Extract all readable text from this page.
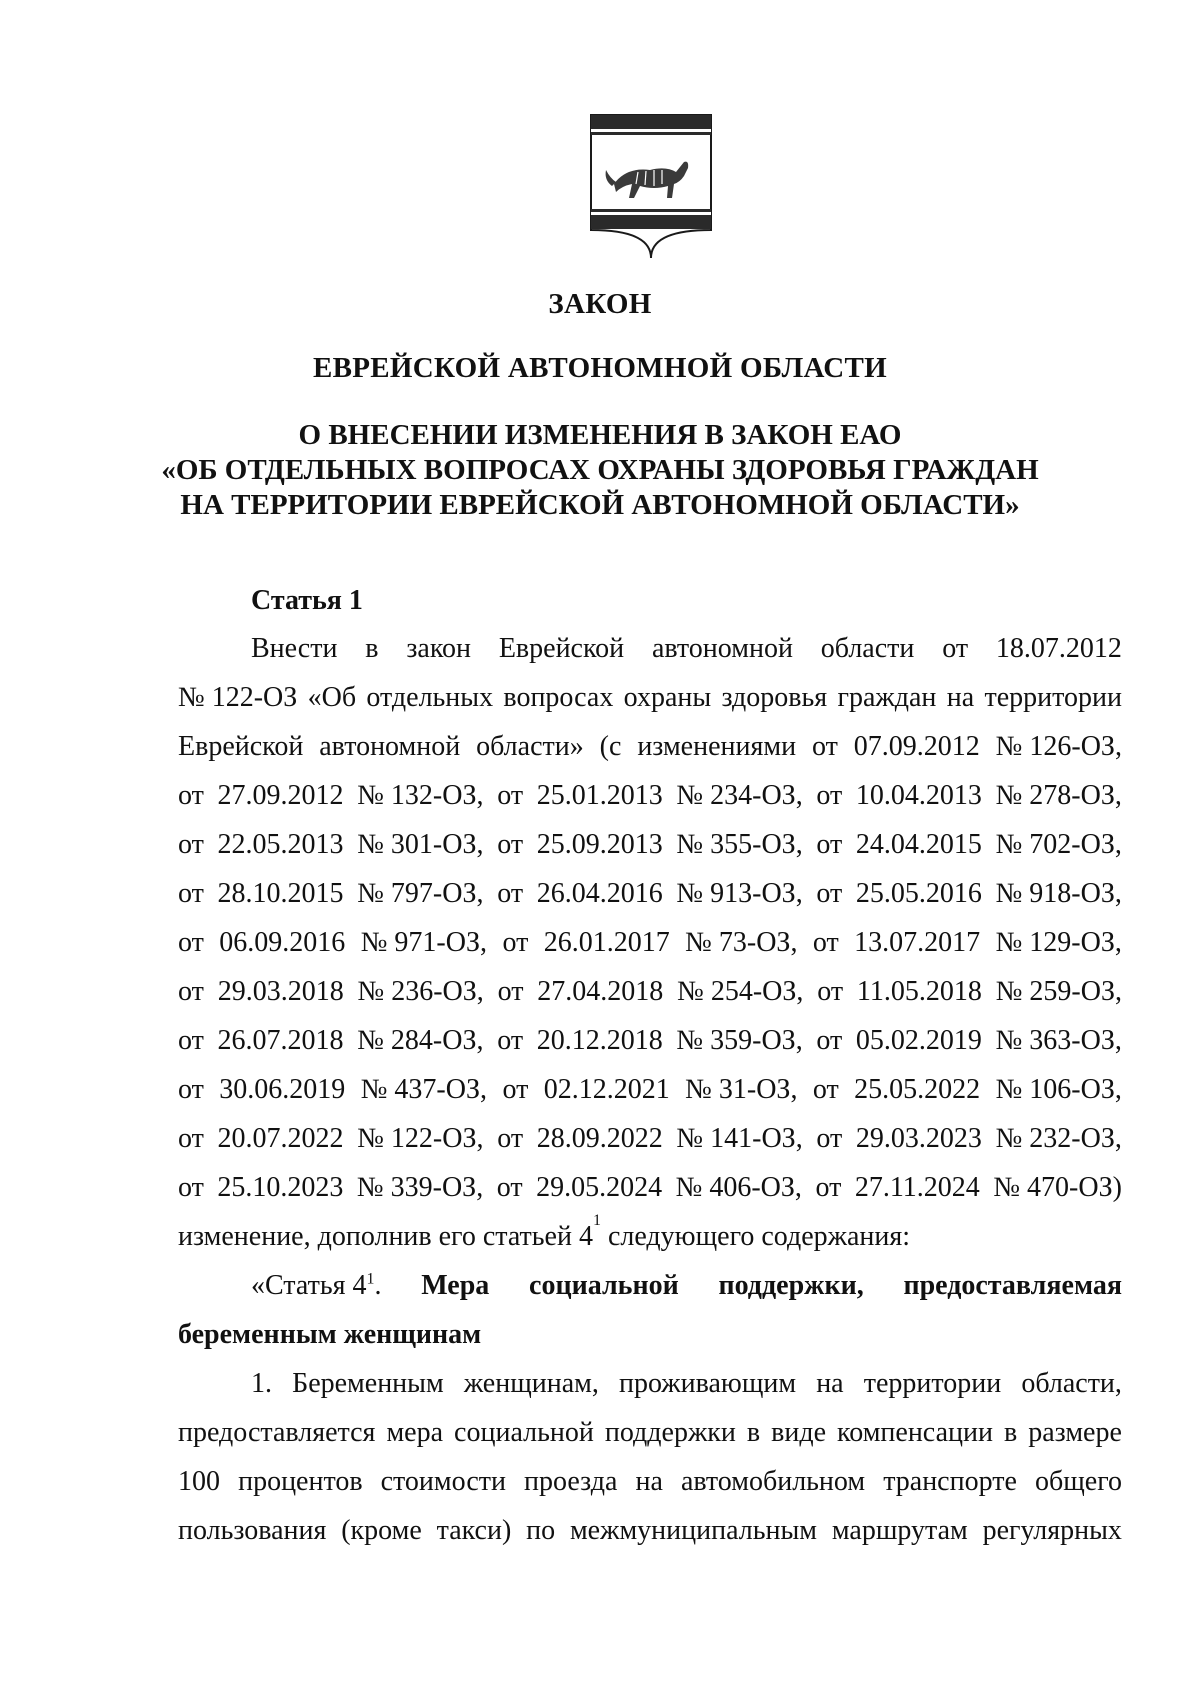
ЗАКОН
ЕВРЕЙСКОЙ АВТОНОМНОЙ ОБЛАСТИ
О ВНЕСЕНИИ ИЗМЕНЕНИЯ В ЗАКОН ЕАО
«ОБ ОТДЕЛЬНЫХ ВОПРОСАХ ОХРАНЫ ЗДОРОВЬЯ ГРАЖДАН
НА ТЕРРИТОРИИ ЕВРЕЙСКОЙ АВТОНОМНОЙ ОБЛАСТИ»
Статья 1
Внести в закон Еврейской автономной области от 18.07.2012
№ 122-ОЗ «Об отдельных вопросах охраны здоровья граждан на территории
Еврейской автономной области» (с изменениями от 07.09.2012 № 126-ОЗ,
от 27.09.2012 № 132-ОЗ, от 25.01.2013 № 234-ОЗ, от 10.04.2013 № 278-ОЗ,
от 22.05.2013 № 301-ОЗ, от 25.09.2013 № 355-ОЗ, от 24.04.2015 № 702-ОЗ,
от 28.10.2015 № 797-ОЗ, от 26.04.2016 № 913-ОЗ, от 25.05.2016 № 918-ОЗ,
от 06.09.2016 № 971-ОЗ, от 26.01.2017 № 73-ОЗ, от 13.07.2017 № 129-ОЗ,
от 29.03.2018 № 236-ОЗ, от 27.04.2018 № 254-ОЗ, от 11.05.2018 № 259-ОЗ,
от 26.07.2018 № 284-ОЗ, от 20.12.2018 № 359-ОЗ, от 05.02.2019 № 363-ОЗ,
от 30.06.2019 № 437-ОЗ, от 02.12.2021 № 31-ОЗ, от 25.05.2022 № 106-ОЗ,
от 20.07.2022 № 122-ОЗ, от 28.09.2022 № 141-ОЗ, от 29.03.2023 № 232-ОЗ,
от 25.10.2023 № 339-ОЗ, от 29.05.2024 № 406-ОЗ, от 27.11.2024 № 470-ОЗ)
изменение, дополнив его статьей 4
1
следующего содержания:
«Статья $4^1$. Мера социальной поддержки, предоставляемая
беременным женщинам
1. Беременным женщинам, проживающим на территории области,
предоставляется мера социальной поддержки в виде компенсации в размере
100 процентов стоимости проезда на автомобильном транспорте общего
пользования (кроме такси) по межмуниципальным маршрутам регулярных
